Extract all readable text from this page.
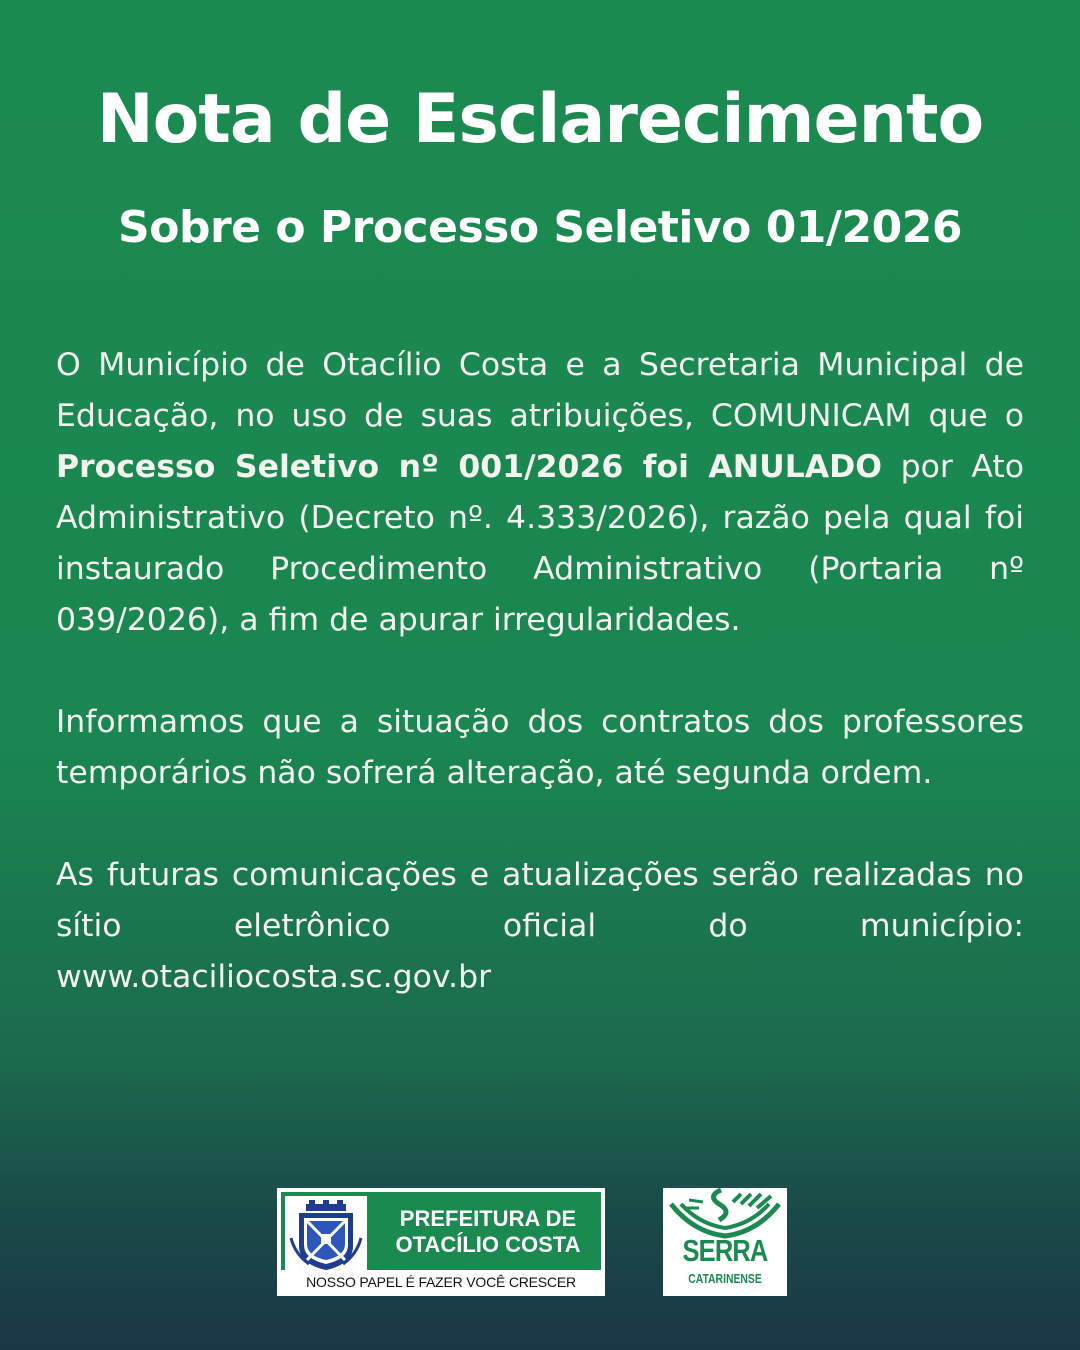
Nota de Esclarecimento
Sobre o Processo Seletivo 01/2026

O Município de Otacílio Costa e a Secretaria Municipal de Educação, no uso de suas atribuições, COMUNICAM que o Processo Seletivo nº 001/2026 foi ANULADO por Ato Administrativo (Decreto nº. 4.333/2026), razão pela qual foi instaurado Procedimento Administrativo (Portaria nº 039/2026), a fim de apurar irregularidades.

Informamos que a situação dos contratos dos professores temporários não sofrerá alteração, até segunda ordem.

As futuras comunicações e atualizações serão realizadas no sítio eletrônico oficial do município: www.otaciliocosta.sc.gov.br

PREFEITURA DE
OTACÍLIO COSTA
NOSSO PAPEL É FAZER VOCÊ CRESCER
SERRA
CATARINENSE
